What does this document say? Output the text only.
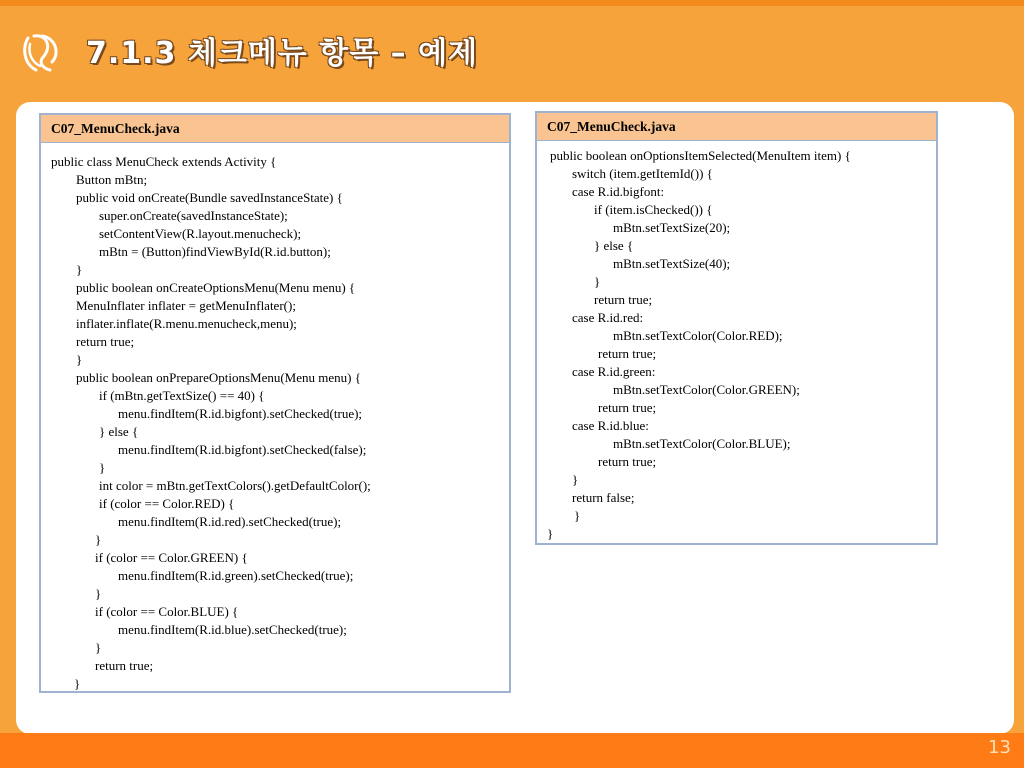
7.1.3 체크메뉴 항목 – 예제
C07_MenuCheck.java
public class MenuCheck extends Activity {
Button mBtn;
public void onCreate(Bundle savedInstanceState) {
super.onCreate(savedInstanceState);
setContentView(R.layout.menucheck);
mBtn = (Button)findViewById(R.id.button);
}
public boolean onCreateOptionsMenu(Menu menu) {
MenuInflater inflater = getMenuInflater();
inflater.inflate(R.menu.menucheck,menu);
return true;
}
public boolean onPrepareOptionsMenu(Menu menu) {
if (mBtn.getTextSize() == 40) {
menu.findItem(R.id.bigfont).setChecked(true);
} else {
menu.findItem(R.id.bigfont).setChecked(false);
}
int color = mBtn.getTextColors().getDefaultColor();
if (color == Color.RED) {
menu.findItem(R.id.red).setChecked(true);
}
if (color == Color.GREEN) {
menu.findItem(R.id.green).setChecked(true);
}
if (color == Color.BLUE) {
menu.findItem(R.id.blue).setChecked(true);
}
return true;
}
C07_MenuCheck.java
public boolean onOptionsItemSelected(MenuItem item) {
switch (item.getItemId()) {
case R.id.bigfont:
if (item.isChecked()) {
mBtn.setTextSize(20);
} else {
mBtn.setTextSize(40);
}
return true;
case R.id.red:
mBtn.setTextColor(Color.RED);
return true;
case R.id.green:
mBtn.setTextColor(Color.GREEN);
return true;
case R.id.blue:
mBtn.setTextColor(Color.BLUE);
return true;
}
return false;
}
}
13
